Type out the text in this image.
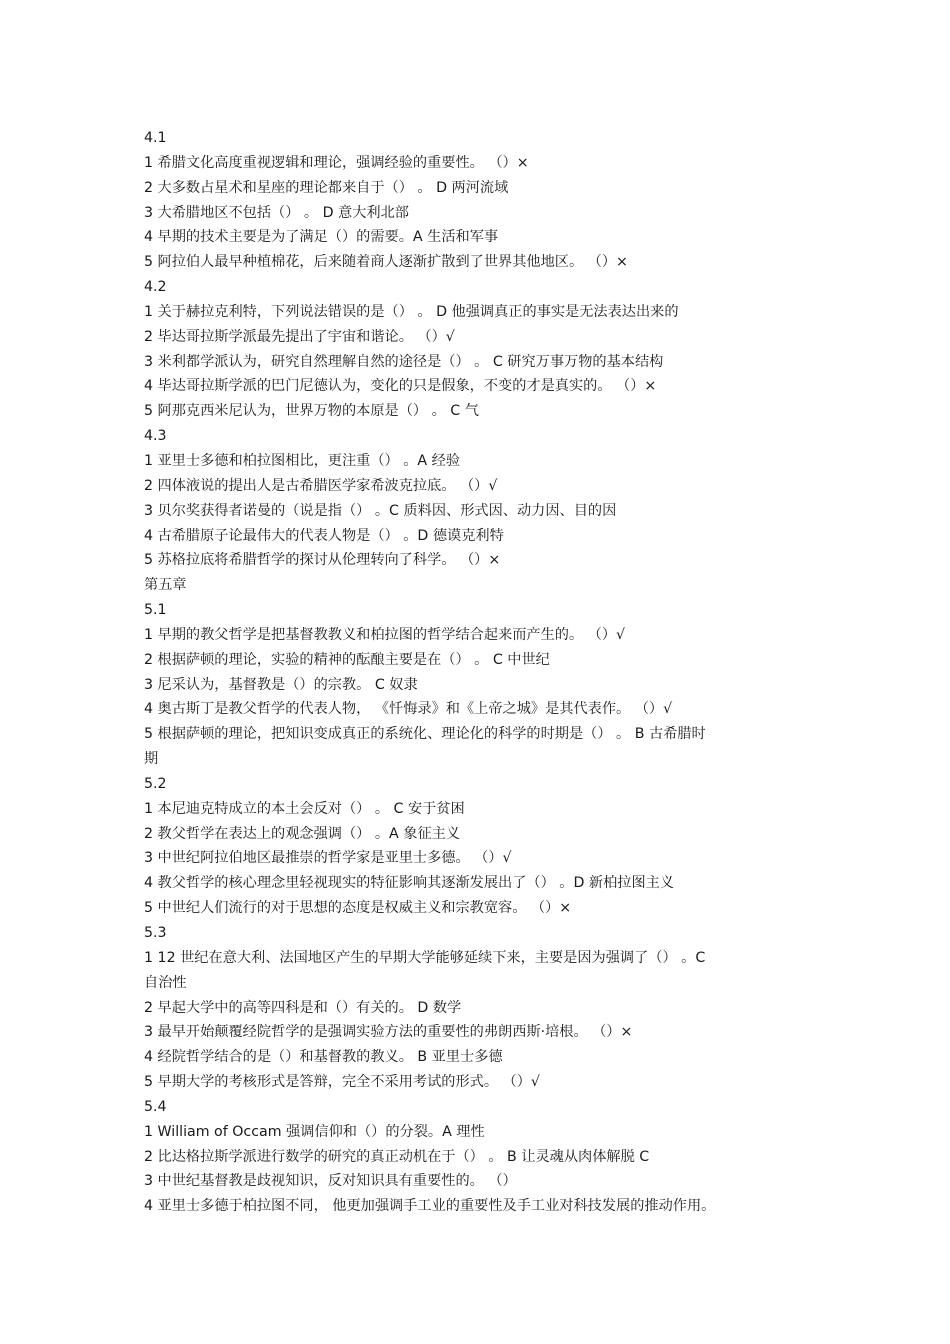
4.1
1 希腊文化高度重视逻辑和理论，强调经验的重要性。 （）×
2 大多数占星术和星座的理论都来自于（） 。 D 两河流域
3 大希腊地区不包括（） 。 D 意大利北部
4 早期的技术主要是为了满足（）的需要。A 生活和军事
5 阿拉伯人最早种植棉花，后来随着商人逐渐扩散到了世界其他地区。 （）×
4.2
1 关于赫拉克利特，下列说法错误的是（） 。 D 他强调真正的事实是无法表达出来的
2 毕达哥拉斯学派最先提出了宇宙和谐论。 （）√
3 米利都学派认为，研究自然理解自然的途径是（） 。 C 研究万事万物的基本结构
4 毕达哥拉斯学派的巴门尼德认为，变化的只是假象，不变的才是真实的。 （）×
5 阿那克西米尼认为，世界万物的本原是（） 。 C 气
4.3
1 亚里士多德和柏拉图相比，更注重（） 。A 经验
2 四体液说的提出人是古希腊医学家希波克拉底。 （）√
3 贝尔奖获得者诺曼的（说是指（） 。C 质料因、形式因、动力因、目的因
4 古希腊原子论最伟大的代表人物是（） 。D 德谟克利特
5 苏格拉底将希腊哲学的探讨从伦理转向了科学。 （）×
第五章
5.1
1 早期的教父哲学是把基督教教义和柏拉图的哲学结合起来而产生的。 （）√
2 根据萨顿的理论，实验的精神的酝酿主要是在（） 。 C 中世纪
3 尼采认为，基督教是（）的宗教。 C 奴隶
4 奥古斯丁是教父哲学的代表人物， 《忏悔录》和《上帝之城》是其代表作。 （）√
5 根据萨顿的理论，把知识变成真正的系统化、理论化的科学的时期是（） 。 B 古希腊时
期
5.2
1 本尼迪克特成立的本土会反对（） 。 C 安于贫困
2 教父哲学在表达上的观念强调（） 。A 象征主义
3 中世纪阿拉伯地区最推崇的哲学家是亚里士多德。 （）√
4 教父哲学的核心理念里轻视现实的特征影响其逐渐发展出了（） 。D 新柏拉图主义
5 中世纪人们流行的对于思想的态度是权威主义和宗教宽容。 （）×
5.3
1 12 世纪在意大利、法国地区产生的早期大学能够延续下来，主要是因为强调了（） 。C
自治性
2 早起大学中的高等四科是和（）有关的。 D 数学
3 最早开始颠覆经院哲学的是强调实验方法的重要性的弗朗西斯·培根。 （）×
4 经院哲学结合的是（）和基督教的教义。 B 亚里士多德
5 早期大学的考核形式是答辩，完全不采用考试的形式。 （）√
5.4
1 William of Occam 强调信仰和（）的分裂。A 理性
2 比达格拉斯学派进行数学的研究的真正动机在于（） 。 B 让灵魂从肉体解脱 C
3 中世纪基督教是歧视知识，反对知识具有重要性的。 （）
4 亚里士多德于柏拉图不同， 他更加强调手工业的重要性及手工业对科技发展的推动作用。
